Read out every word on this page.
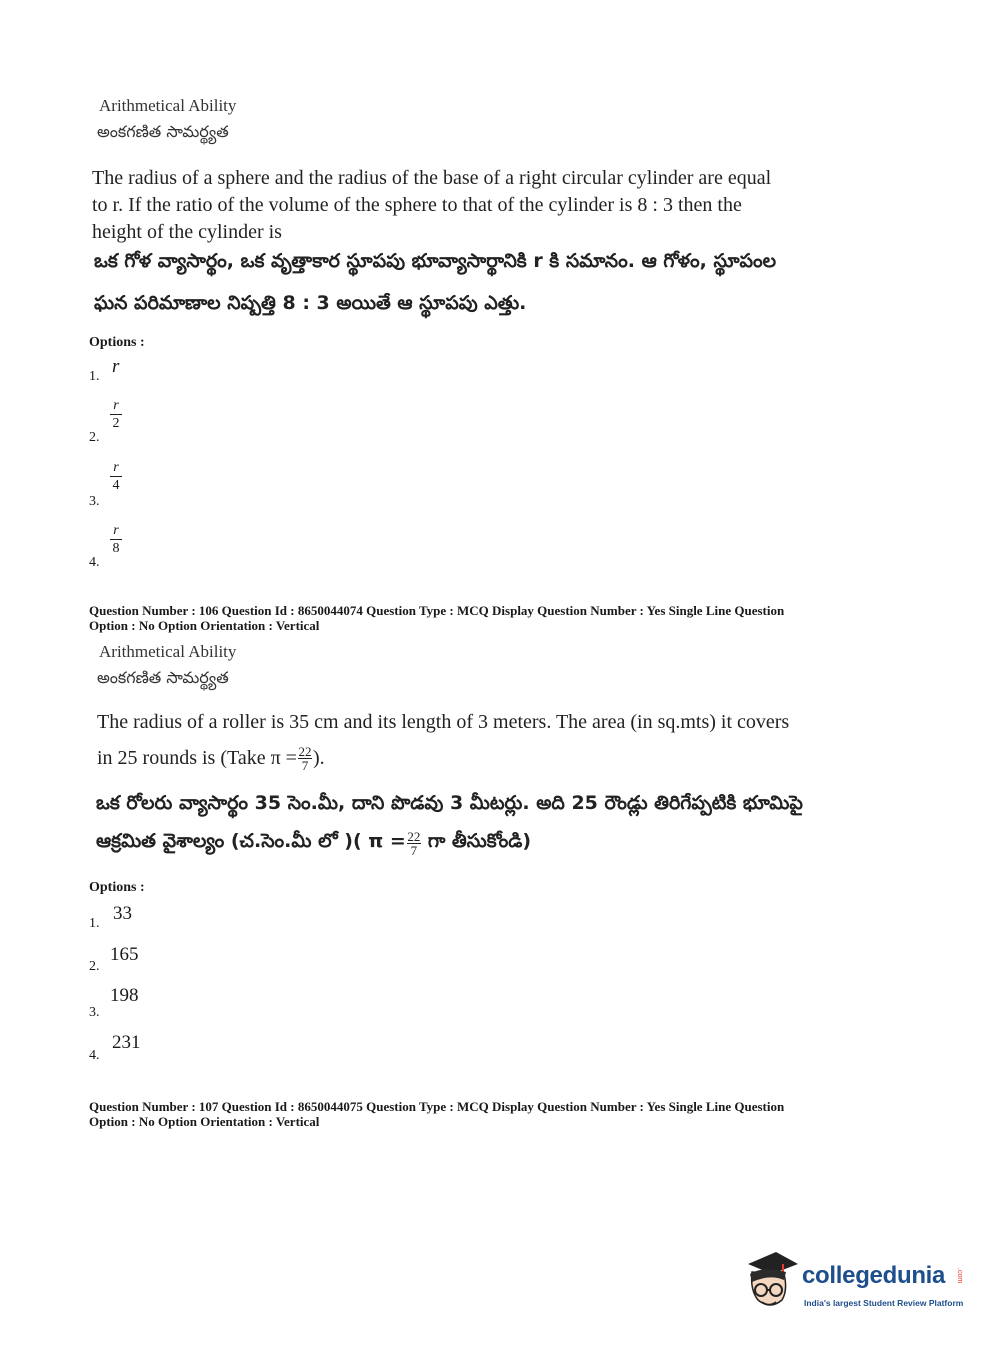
Arithmetical Ability
అంకగణిత సామర్థ్యత
The radius of a sphere and the radius of the base of a right circular cylinder are equal
to r. If the ratio of the volume of the sphere to that of the cylinder is 8 : 3 then the
height of the cylinder is
ఒక గోళ వ్యాసార్థం, ఒక వృత్తాకార స్థూపపు భూవ్యాసార్థానికి r కి సమానం. ఆ గోళం, స్థూపంల
ఘన పరిమాణాల నిష్పత్తి 8 : 3 అయితే ఆ స్థూపపు ఎత్తు.
Options :
1. r
2.
r
2
3.
r
4
4.
r
8
Question Number : 106 Question Id : 8650044074 Question Type : MCQ Display Question Number : Yes Single Line Question
Option : No Option Orientation : Vertical
Arithmetical Ability
అంకగణిత సామర్థ్యత
The radius of a roller is 35 cm and its length of 3 meters. The area (in sq.mts) it covers
in 25 rounds is (Take $\pi = \frac{22}{7}$ ).
ఒక రోలరు వ్యాసార్థం 35 సెం.మీ, దాని పొడవు 3 మీటర్లు. అది 25 రౌండ్లు తిరిగేప్పటికి భూమిపై
ఆక్రమిత వైశాల్యం (చ.సెం.మీ లో )( $\pi = \frac{22}{7}$ గా తీసుకోండి)
Options :
1. 33
2.
165
3.
198
4.
231
Question Number : 107 Question Id : 8650044075 Question Type : MCQ Display Question Number : Yes Single Line Question
Option : No Option Orientation : Vertical
collegedunia .com
India's largest Student Review Platform
